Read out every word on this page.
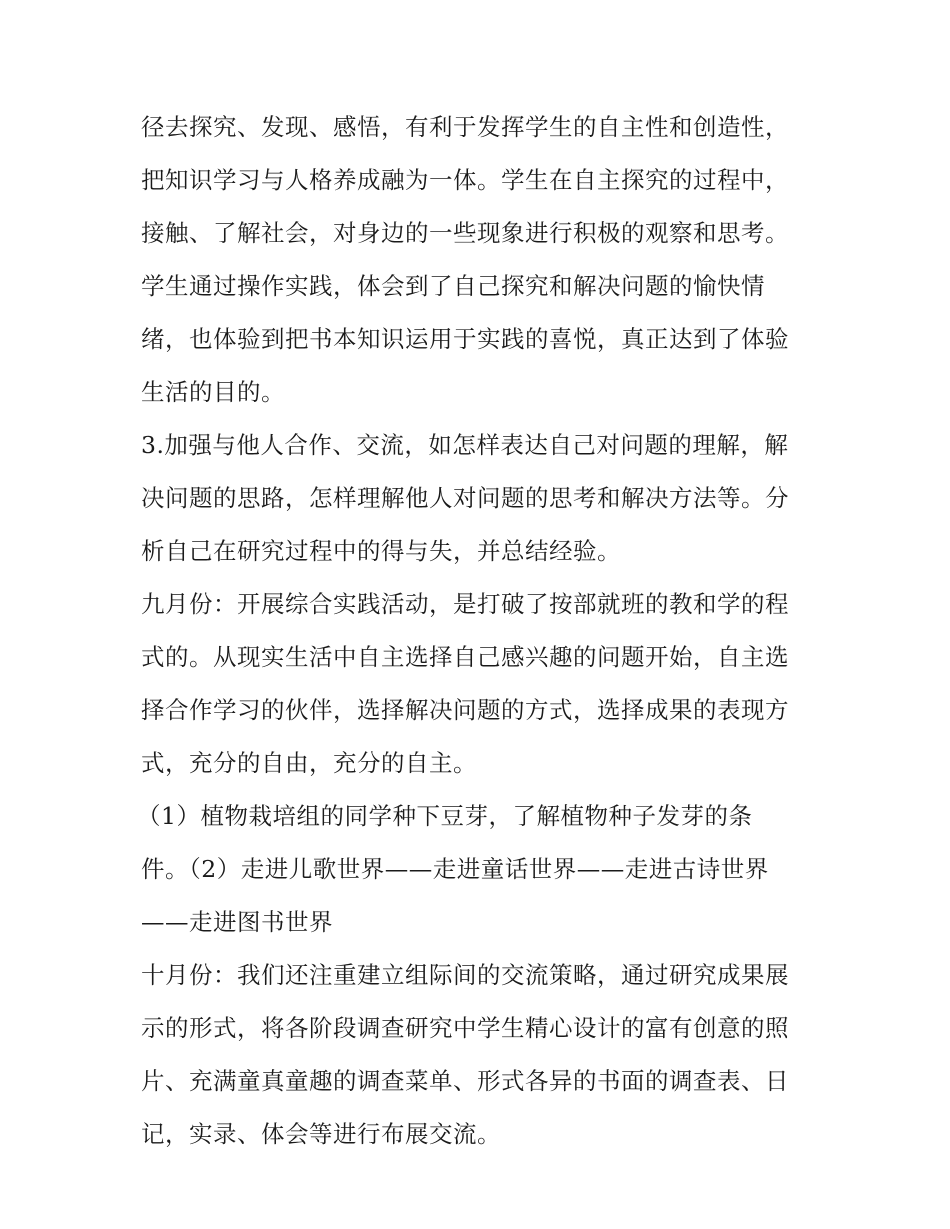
径去探究、发现、感悟，有利于发挥学生的自主性和创造性，
把知识学习与人格养成融为一体。学生在自主探究的过程中，
接触、了解社会，对身边的一些现象进行积极的观察和思考。
学生通过操作实践，体会到了自己探究和解决问题的愉快情
绪，也体验到把书本知识运用于实践的喜悦，真正达到了体验
生活的目的。
3.加强与他人合作、交流，如怎样表达自己对问题的理解，解
决问题的思路，怎样理解他人对问题的思考和解决方法等。分
析自己在研究过程中的得与失，并总结经验。
九月份：开展综合实践活动，是打破了按部就班的教和学的程
式的。从现实生活中自主选择自己感兴趣的问题开始，自主选
择合作学习的伙伴，选择解决问题的方式，选择成果的表现方
式，充分的自由，充分的自主。
（1）植物栽培组的同学种下豆芽，了解植物种子发芽的条
件。（2）走进儿歌世界——走进童话世界——走进古诗世界
——走进图书世界
十月份：我们还注重建立组际间的交流策略，通过研究成果展
示的形式，将各阶段调查研究中学生精心设计的富有创意的照
片、充满童真童趣的调查菜单、形式各异的书面的调查表、日
记，实录、体会等进行布展交流。
